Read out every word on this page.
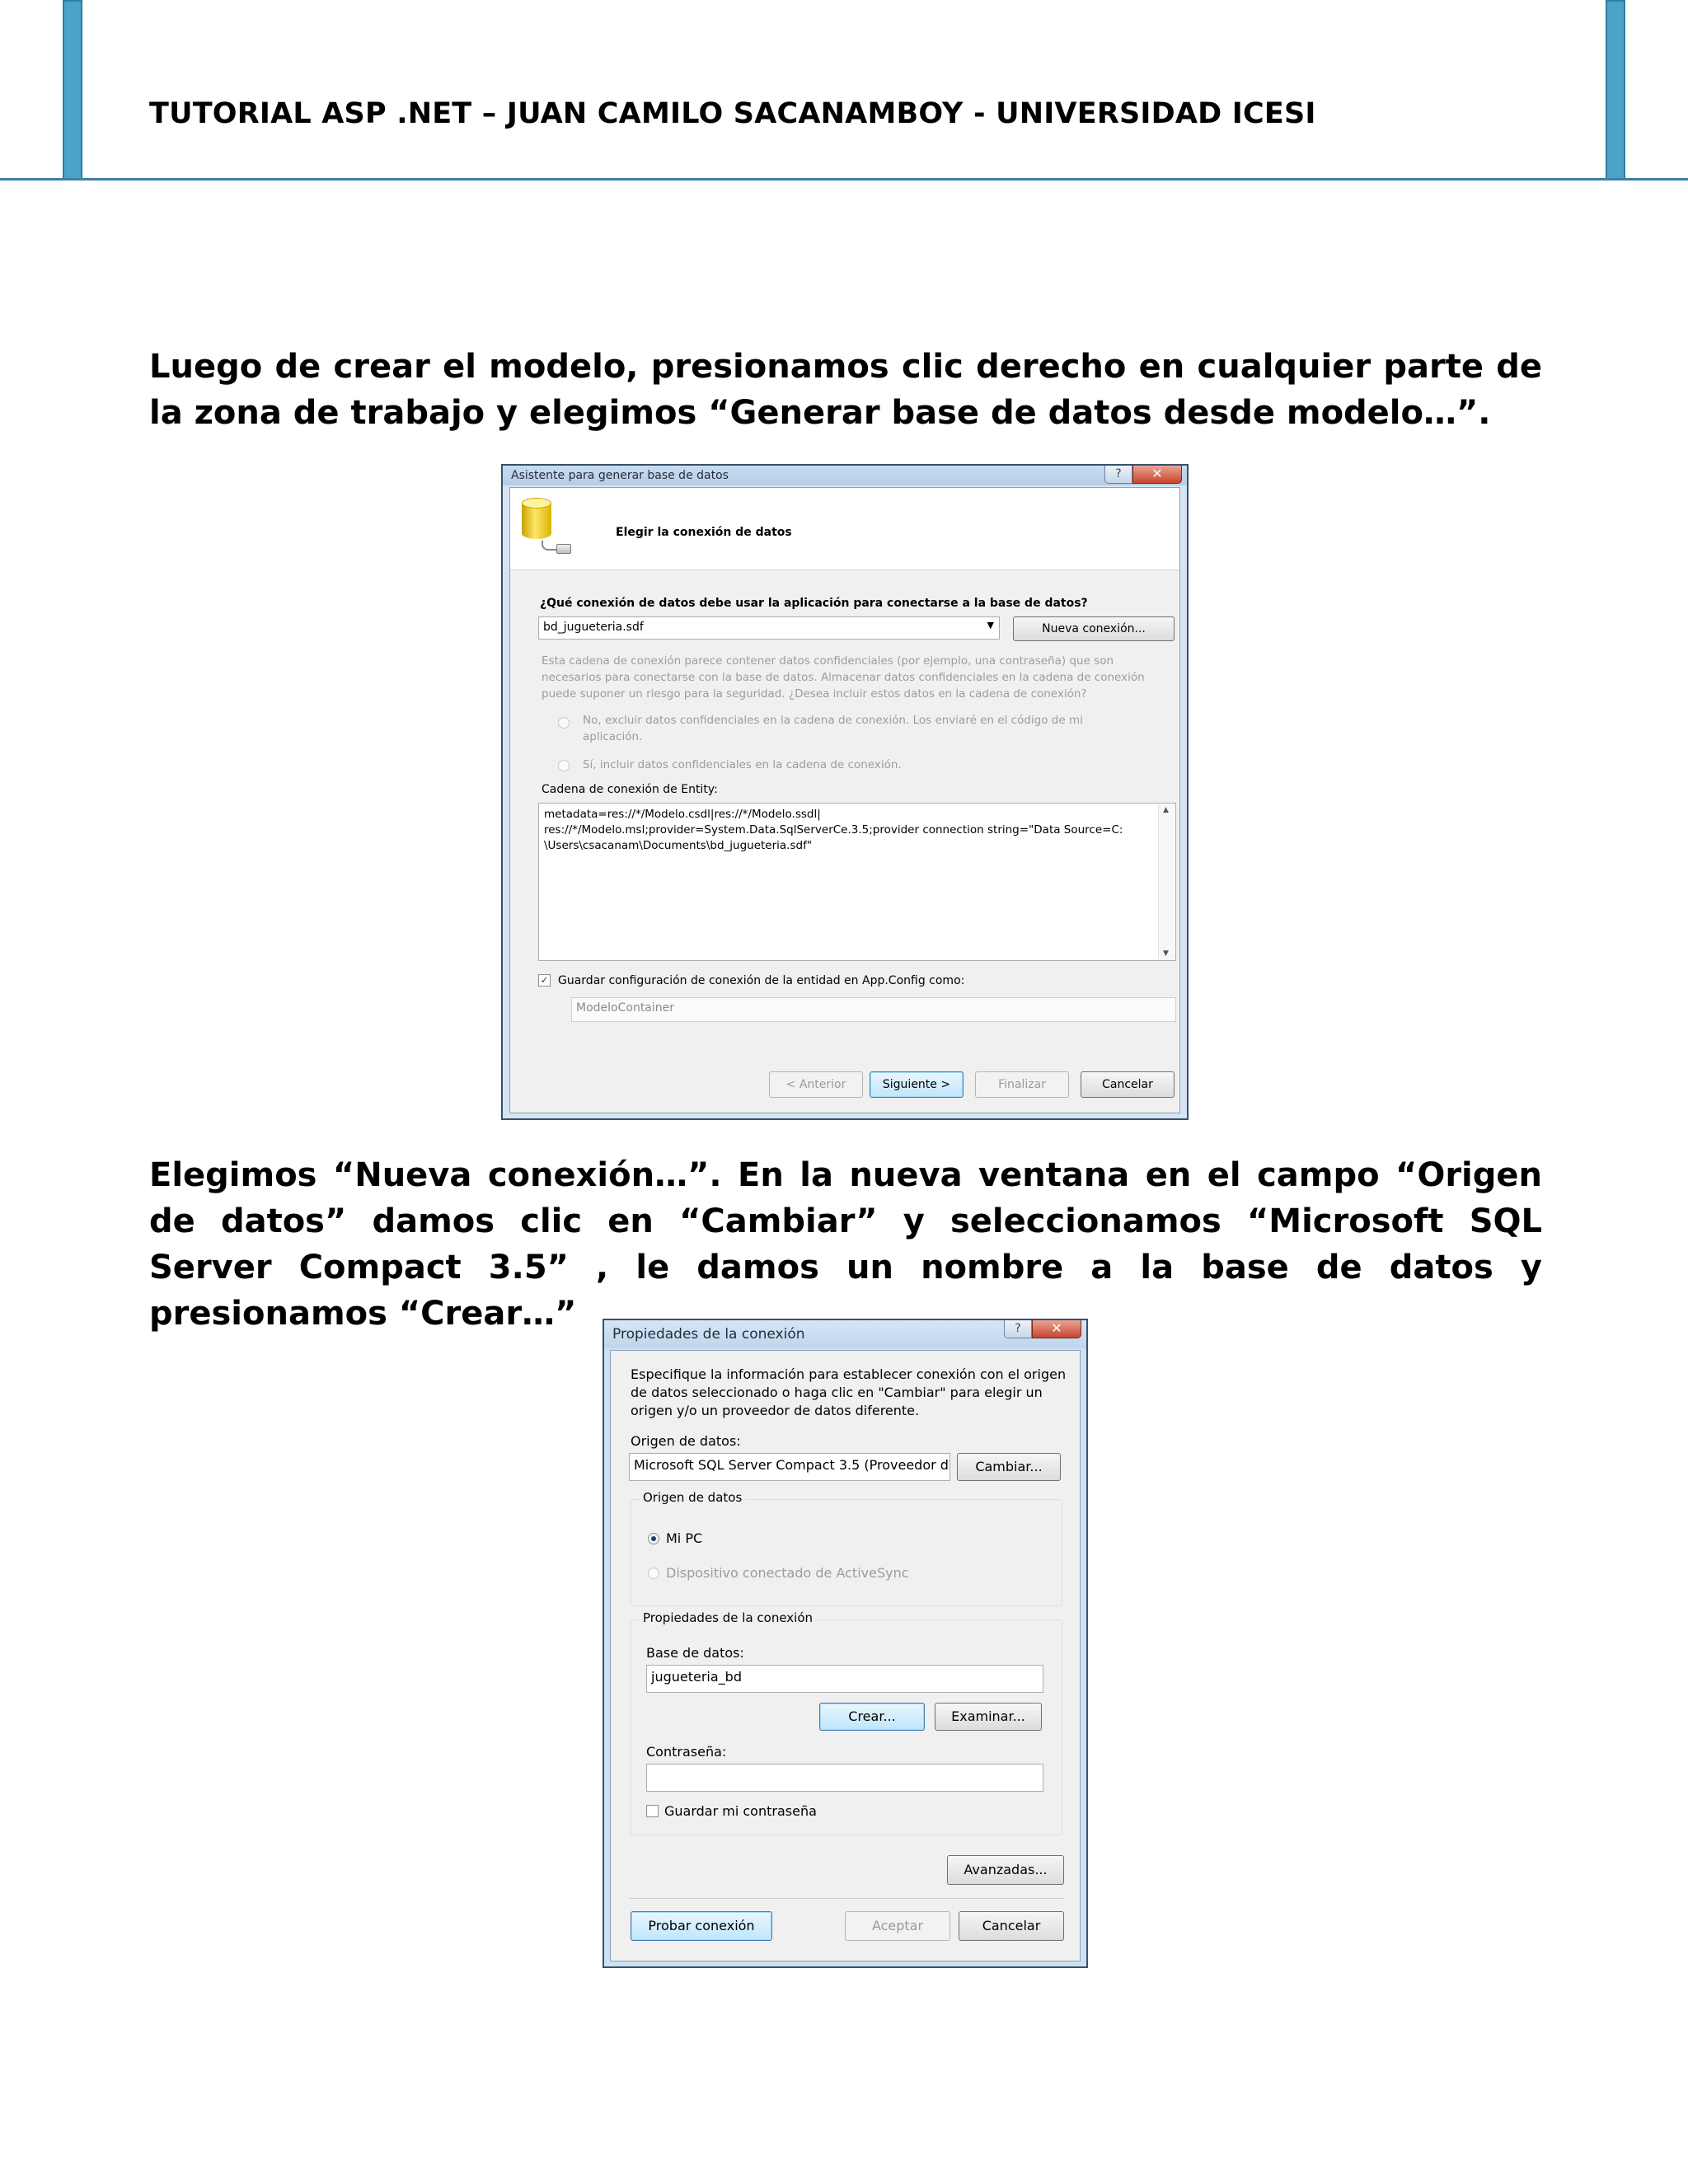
TUTORIAL ASP .NET – JUAN CAMILO SACANAMBOY - UNIVERSIDAD ICESI

Luego de crear el modelo, presionamos clic derecho en cualquier parte de la zona de trabajo y elegimos “Generar base de datos desde modelo…”.

Asistente para generar base de datos	?	✕
Elegir la conexión de datos
¿Qué conexión de datos debe usar la aplicación para conectarse a la base de datos?
bd_jugueteria.sdf	▼	Nueva conexión...
Esta cadena de conexión parece contener datos confidenciales (por ejemplo, una contraseña) que son necesarios para conectarse con la base de datos. Almacenar datos confidenciales en la cadena de conexión puede suponer un riesgo para la seguridad. ¿Desea incluir estos datos en la cadena de conexión?
No, excluir datos confidenciales en la cadena de conexión. Los enviaré en el código de mi aplicación.
Sí, incluir datos confidenciales en la cadena de conexión.
Cadena de conexión de Entity:
metadata=res://*/Modelo.csdl|res://*/Modelo.ssdl|
res://*/Modelo.msl;provider=System.Data.SqlServerCe.3.5;provider connection string="Data Source=C:
\Users\csacanam\Documents\bd_jugueteria.sdf"
▲
▼
✓ Guardar configuración de conexión de la entidad en App.Config como:
ModeloContainer
< Anterior	Siguiente >	Finalizar	Cancelar

Elegimos “Nueva conexión…”. En la nueva ventana en el campo “Origen de datos” damos clic en “Cambiar” y seleccionamos “Microsoft SQL Server Compact 3.5” , le damos un nombre a la base de datos y presionamos “Crear…”

Propiedades de la conexión	?	✕
Especifique la información para establecer conexión con el origen de datos seleccionado o haga clic en "Cambiar" para elegir un origen y/o un proveedor de datos diferente.
Origen de datos:
Microsoft SQL Server Compact 3.5 (Proveedor d	Cambiar...
Origen de datos
Mi PC
Dispositivo conectado de ActiveSync
Propiedades de la conexión
Base de datos:
jugueteria_bd
Crear...	Examinar...
Contraseña:
Guardar mi contraseña
Avanzadas...
Probar conexión	Aceptar	Cancelar
